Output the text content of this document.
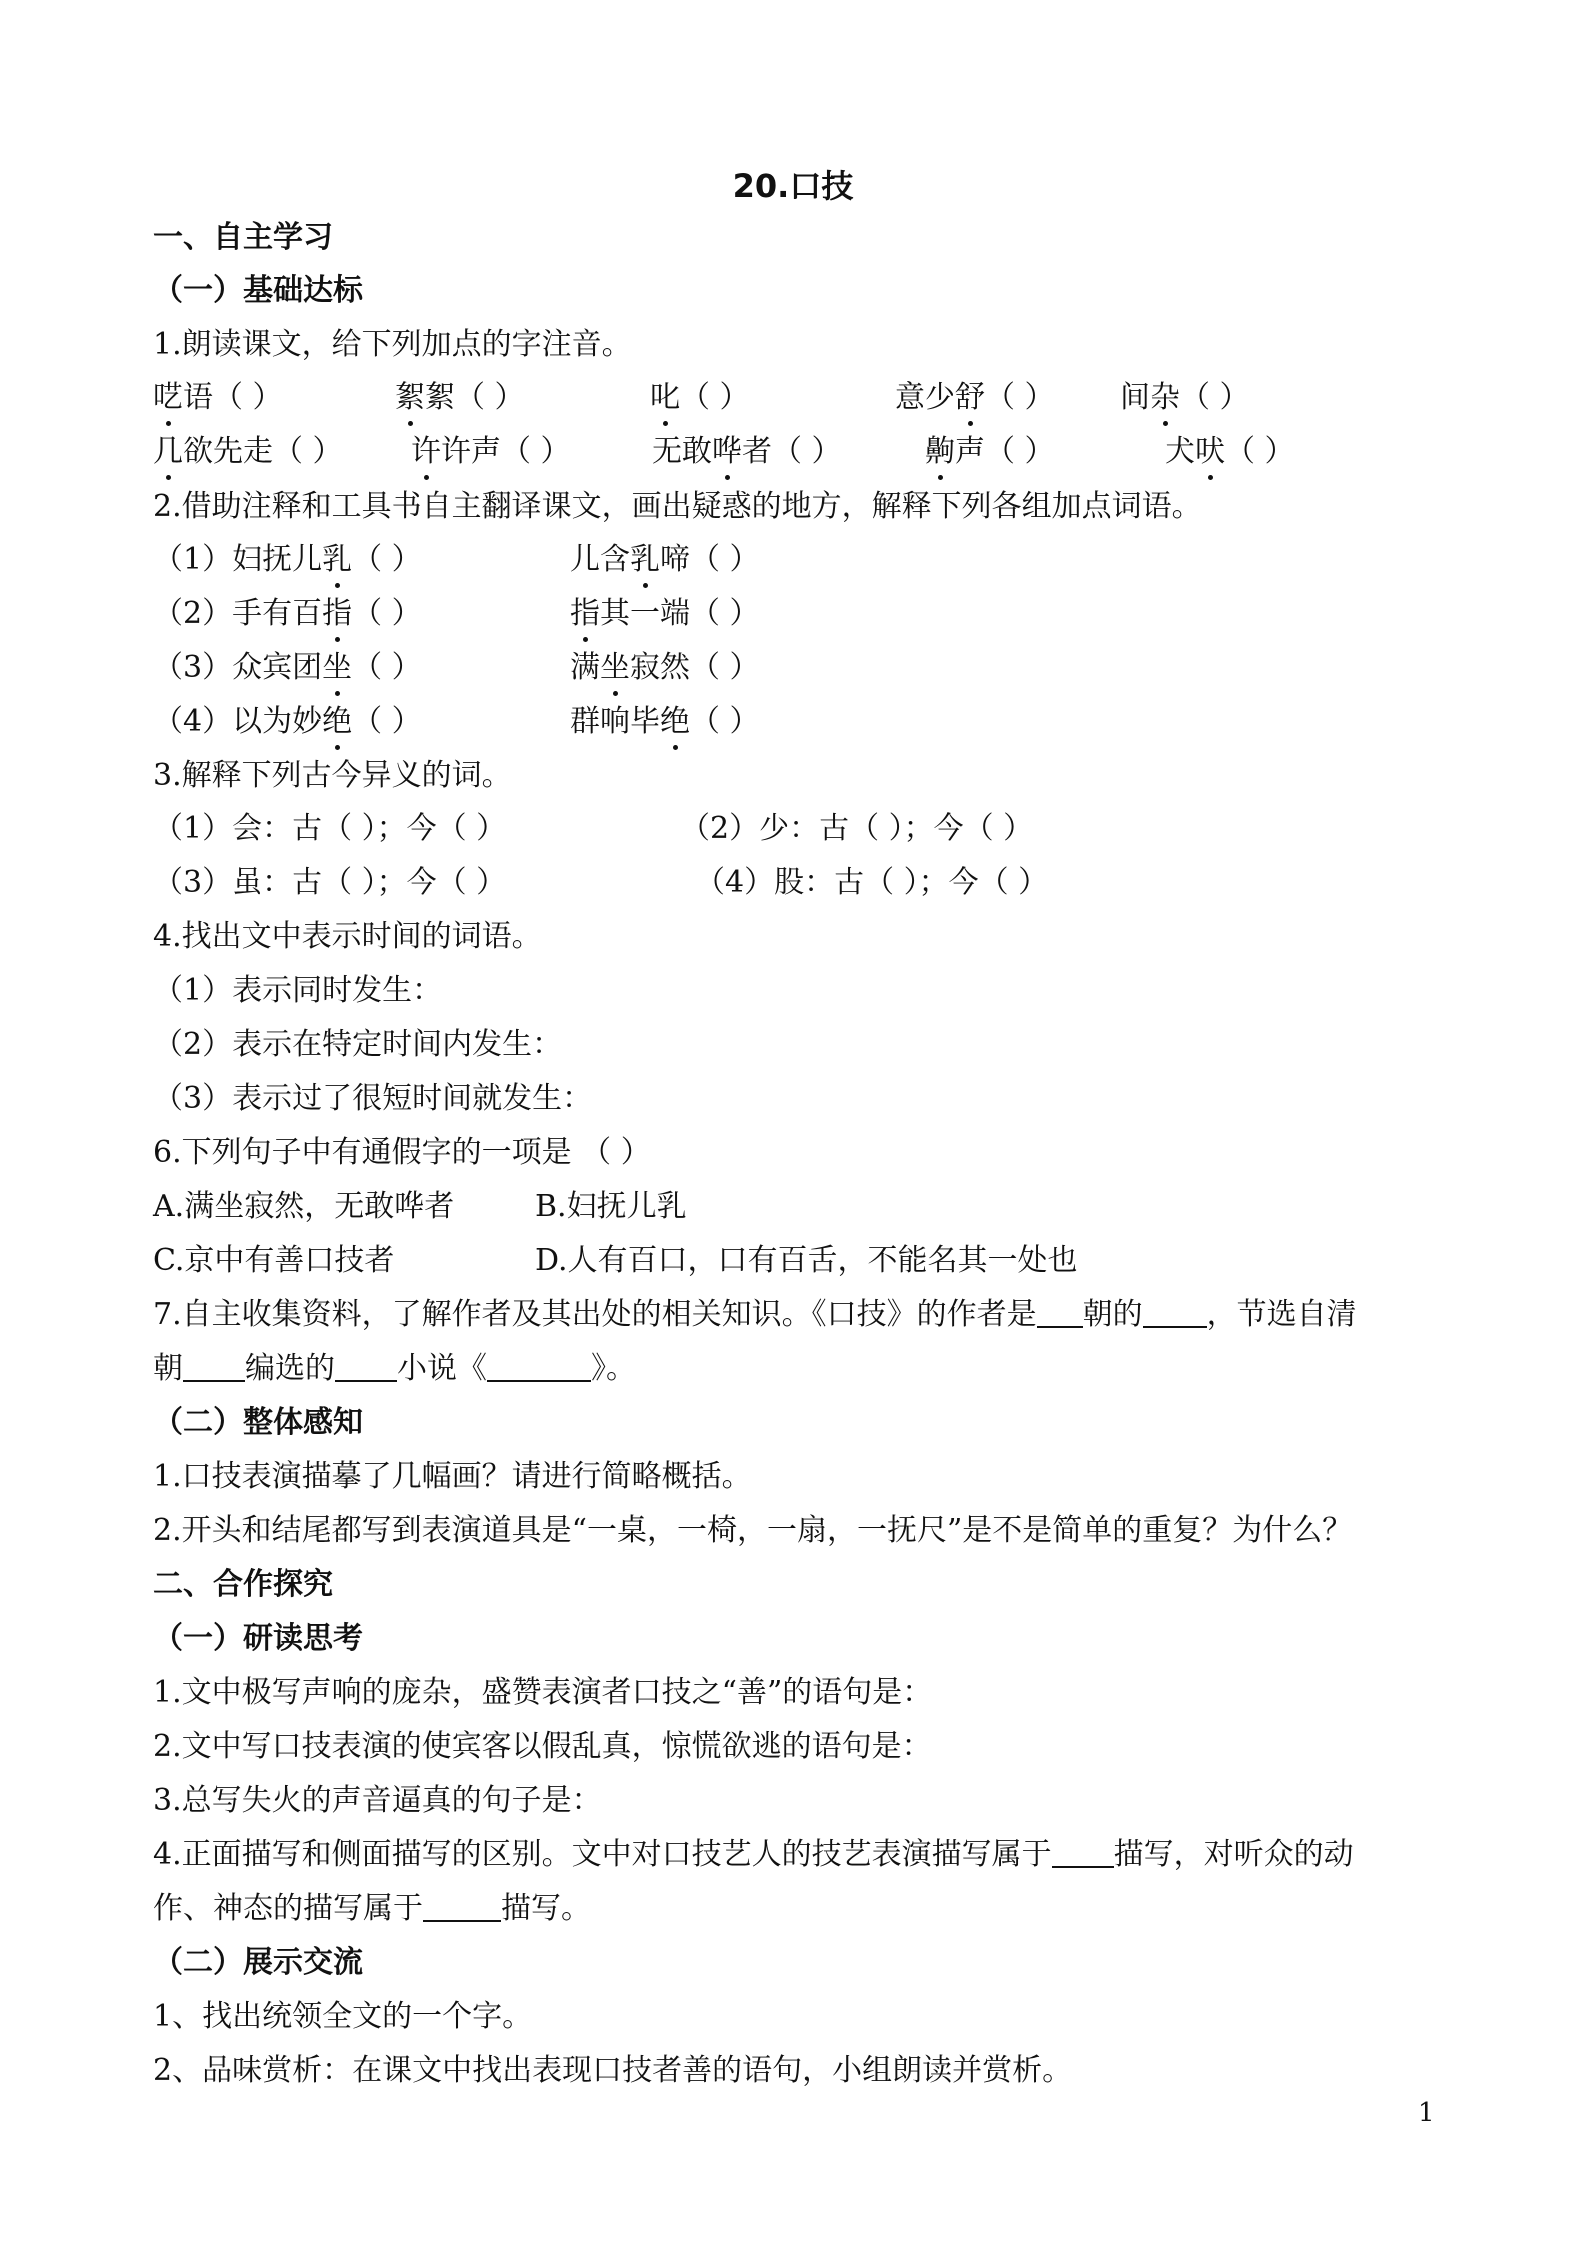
20.口技
一、自主学习
（一）基础达标
1.朗读课文，给下列加点的字注音。
呓语（ ）	絮絮（ ）	叱（ ）	意少舒（ ） 间杂（ ）
几欲先走（ ） 许许声（ ）	无敢哗者（ ）	齁声（ ）	犬吠（ ）
2.借助注释和工具书自主翻译课文，画出疑惑的地方，解释下列各组加点词语。
（1）妇抚儿乳（ ）	儿含乳啼（ ）
（2）手有百指（ ）	指其一端（ ）
（3）众宾团坐（ ）	满坐寂然（ ）
（4）以为妙绝（ ）	群响毕绝（ ）
3.解释下列古今异义的词。
（1）会：古（ ）；今（ ）	（2）少：古（ ）；今（ ）
（3）虽：古（ ）；今（ ）	（4）股：古（ ）；今（ ）
4.找出文中表示时间的词语。
（1）表示同时发生：
（2）表示在特定时间内发生：
（3）表示过了很短时间就发生：
6.下列句子中有通假字的一项是 （ ）
A.满坐寂然，无敢哗者	B.妇抚儿乳
C.京中有善口技者	D.人有百口，口有百舌，不能名其一处也
7.自主收集资料，了解作者及其出处的相关知识。《口技》的作者是 朝的 ，节选自清
朝 编选的 小说《	》。
（二）整体感知
1.口技表演描摹了几幅画？请进行简略概括。
2.开头和结尾都写到表演道具是“一桌，一椅，一扇，一抚尺”是不是简单的重复？为什么？
二、合作探究
（一）研读思考
1.文中极写声响的庞杂，盛赞表演者口技之“善”的语句是：
2.文中写口技表演的使宾客以假乱真，惊慌欲逃的语句是：
3.总写失火的声音逼真的句子是：
4.正面描写和侧面描写的区别。文中对口技艺人的技艺表演描写属于 描写，对听众的动
作、神态的描写属于	描写。
（二）展示交流
1、找出统领全文的一个字。
2、品味赏析：在课文中找出表现口技者善的语句，小组朗读并赏析。
1
